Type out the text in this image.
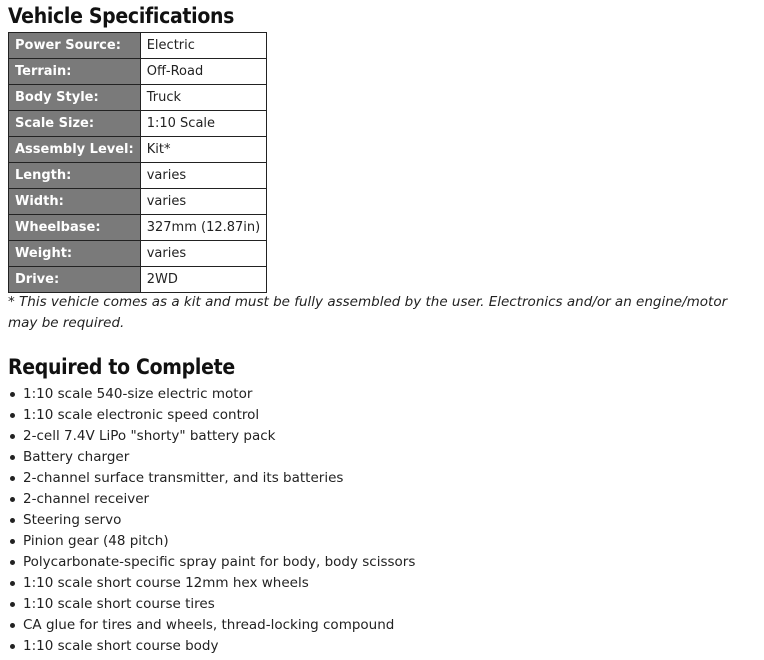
Vehicle Specifications
Power Source:	Electric
Terrain:	Off-Road
Body Style:	Truck
Scale Size:	1:10 Scale
Assembly Level:	Kit*
Length:	varies
Width:	varies
Wheelbase:	327mm (12.87in)
Weight:	varies
Drive:	2WD

* This vehicle comes as a kit and must be fully assembled by the user. Electronics and/or an engine/motor may be required.

Required to Complete
1:10 scale 540-size electric motor
1:10 scale electronic speed control
2-cell 7.4V LiPo "shorty" battery pack
Battery charger
2-channel surface transmitter, and its batteries
2-channel receiver
Steering servo
Pinion gear (48 pitch)
Polycarbonate-specific spray paint for body, body scissors
1:10 scale short course 12mm hex wheels
1:10 scale short course tires
CA glue for tires and wheels, thread-locking compound
1:10 scale short course body
